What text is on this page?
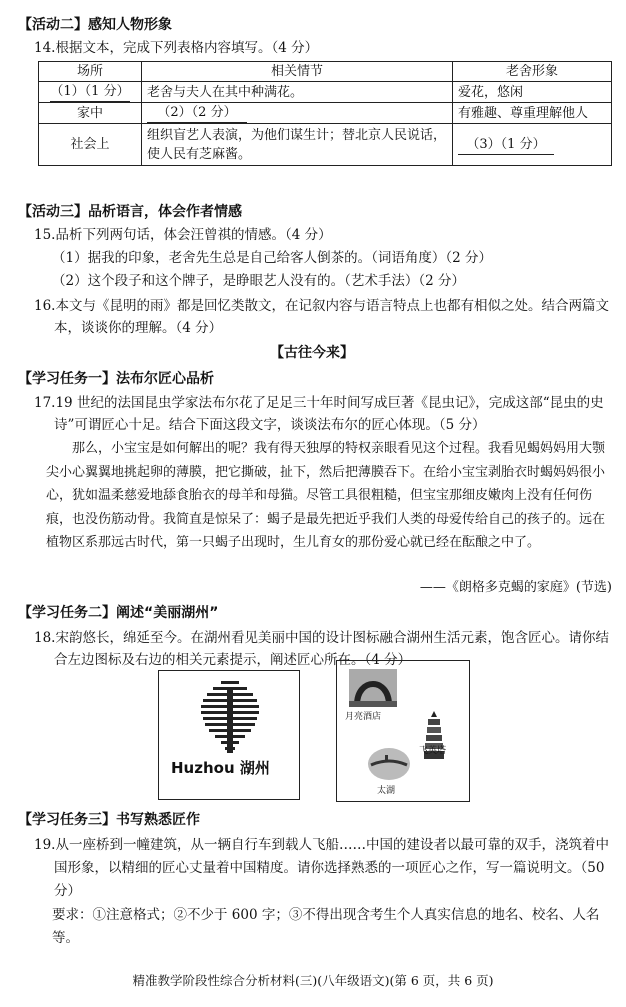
【活动二】感知人物形象
14.根据文本，完成下列表格内容填写。（4 分）
场所	相关情节	老舍形象
（1）（1 分）	老舍与夫人在其中种满花。	爱花，悠闲
家中	（2）（2 分）	有雅趣、尊重理解他人
社会上	组织盲艺人表演，为他们谋生计；替北京人民说话，使人民有芝麻酱。	（3）（1 分）
【活动三】品析语言，体会作者情感
15.品析下列两句话，体会汪曾祺的情感。（4 分）
（1）据我的印象，老舍先生总是自己给客人倒茶的。（词语角度）（2 分）
（2）这个段子和这个牌子，是睁眼艺人没有的。（艺术手法）（2 分）
16.本文与《昆明的雨》都是回忆类散文，在记叙内容与语言特点上也都有相似之处。结合两篇文本，谈谈你的理解。（4 分）
【古往今来】
【学习任务一】法布尔匠心品析
17.19 世纪的法国昆虫学家法布尔花了足足三十年时间写成巨著《昆虫记》，完成这部“昆虫的史诗”可谓匠心十足。结合下面这段文字，谈谈法布尔的匠心体现。（5 分）
那么，小宝宝是如何解出的呢？我有得天独厚的特权亲眼看见这个过程。我看见蝎妈妈用大颚尖小心翼翼地挑起卵的薄膜，把它撕破，扯下，然后把薄膜吞下。在给小宝宝剥胎衣时蝎妈妈很小心，犹如温柔慈爱地舔食胎衣的母羊和母猫。尽管工具很粗糙，但宝宝那细皮嫩肉上没有任何伤痕，也没伤筋动骨。我简直是惊呆了：蝎子是最先把近乎我们人类的母爱传给自己的孩子的。远在植物区系那远古时代，第一只蝎子出现时，生儿育女的那份爱心就已经在酝酿之中了。
——《朗格多克蝎的家庭》(节选)
【学习任务二】阐述“美丽湖州”
18.宋韵悠长，绵延至今。在湖州看见美丽中国的设计图标融合湖州生活元素，饱含匠心。请你结合左边图标及右边的相关元素提示，阐述匠心所在。（4 分）
Huzhou 湖州
月亮酒店
飞英塔
太湖
【学习任务三】书写熟悉匠作
19.从一座桥到一幢建筑，从一辆自行车到载人飞船……中国的建设者以最可靠的双手，浇筑着中国形象，以精细的匠心丈量着中国精度。请你选择熟悉的一项匠心之作，写一篇说明文。（50 分）
要求：①注意格式；②不少于 600 字；③不得出现含考生个人真实信息的地名、校名、人名等。
精准教学阶段性综合分析材料(三)(八年级语文)(第 6 页，共 6 页)
